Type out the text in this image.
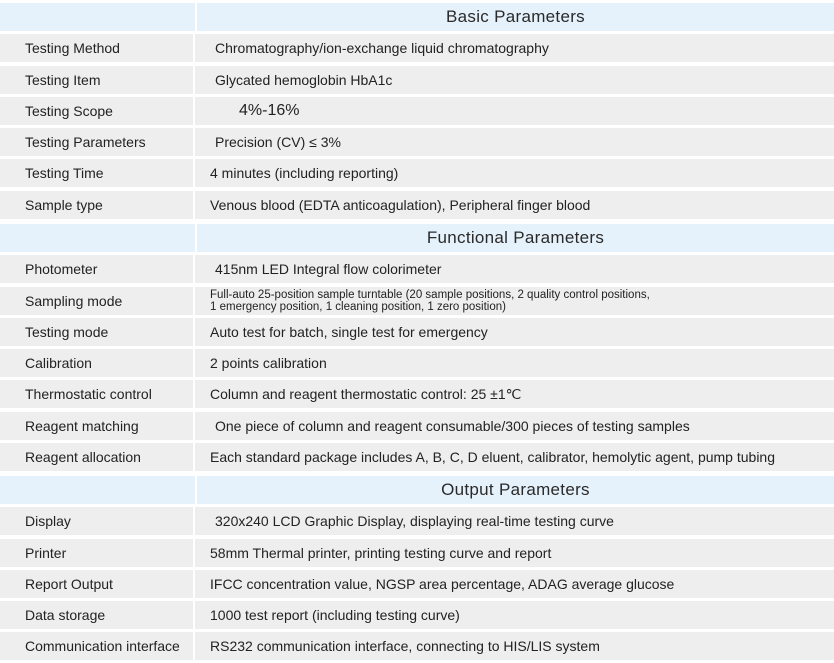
Basic Parameters
Testing Method	Chromatography/ion-exchange liquid chromatography
Testing Item	Glycated hemoglobin HbA1c
Testing Scope	4%-16%
Testing Parameters	Precision (CV) ≤ 3%
Testing Time	4 minutes (including reporting)
Sample type	Venous blood (EDTA anticoagulation), Peripheral finger blood
Functional Parameters
Photometer	415nm LED Integral flow colorimeter
Sampling mode	Full-auto 25-position sample turntable (20 sample positions, 2 quality control positions,
1 emergency position, 1 cleaning position, 1 zero position)
Testing mode	Auto test for batch, single test for emergency
Calibration	2 points calibration
Thermostatic control	Column and reagent thermostatic control: 25 ±1℃
Reagent matching	One piece of column and reagent consumable/300 pieces of testing samples
Reagent allocation	Each standard package includes A, B, C, D eluent, calibrator, hemolytic agent, pump tubing
Output Parameters
Display	320x240 LCD Graphic Display, displaying real-time testing curve
Printer	58mm Thermal printer, printing testing curve and report
Report Output	IFCC concentration value, NGSP area percentage, ADAG average glucose
Data storage	1000 test report (including testing curve)
Communication interface	RS232 communication interface, connecting to HIS/LIS system
